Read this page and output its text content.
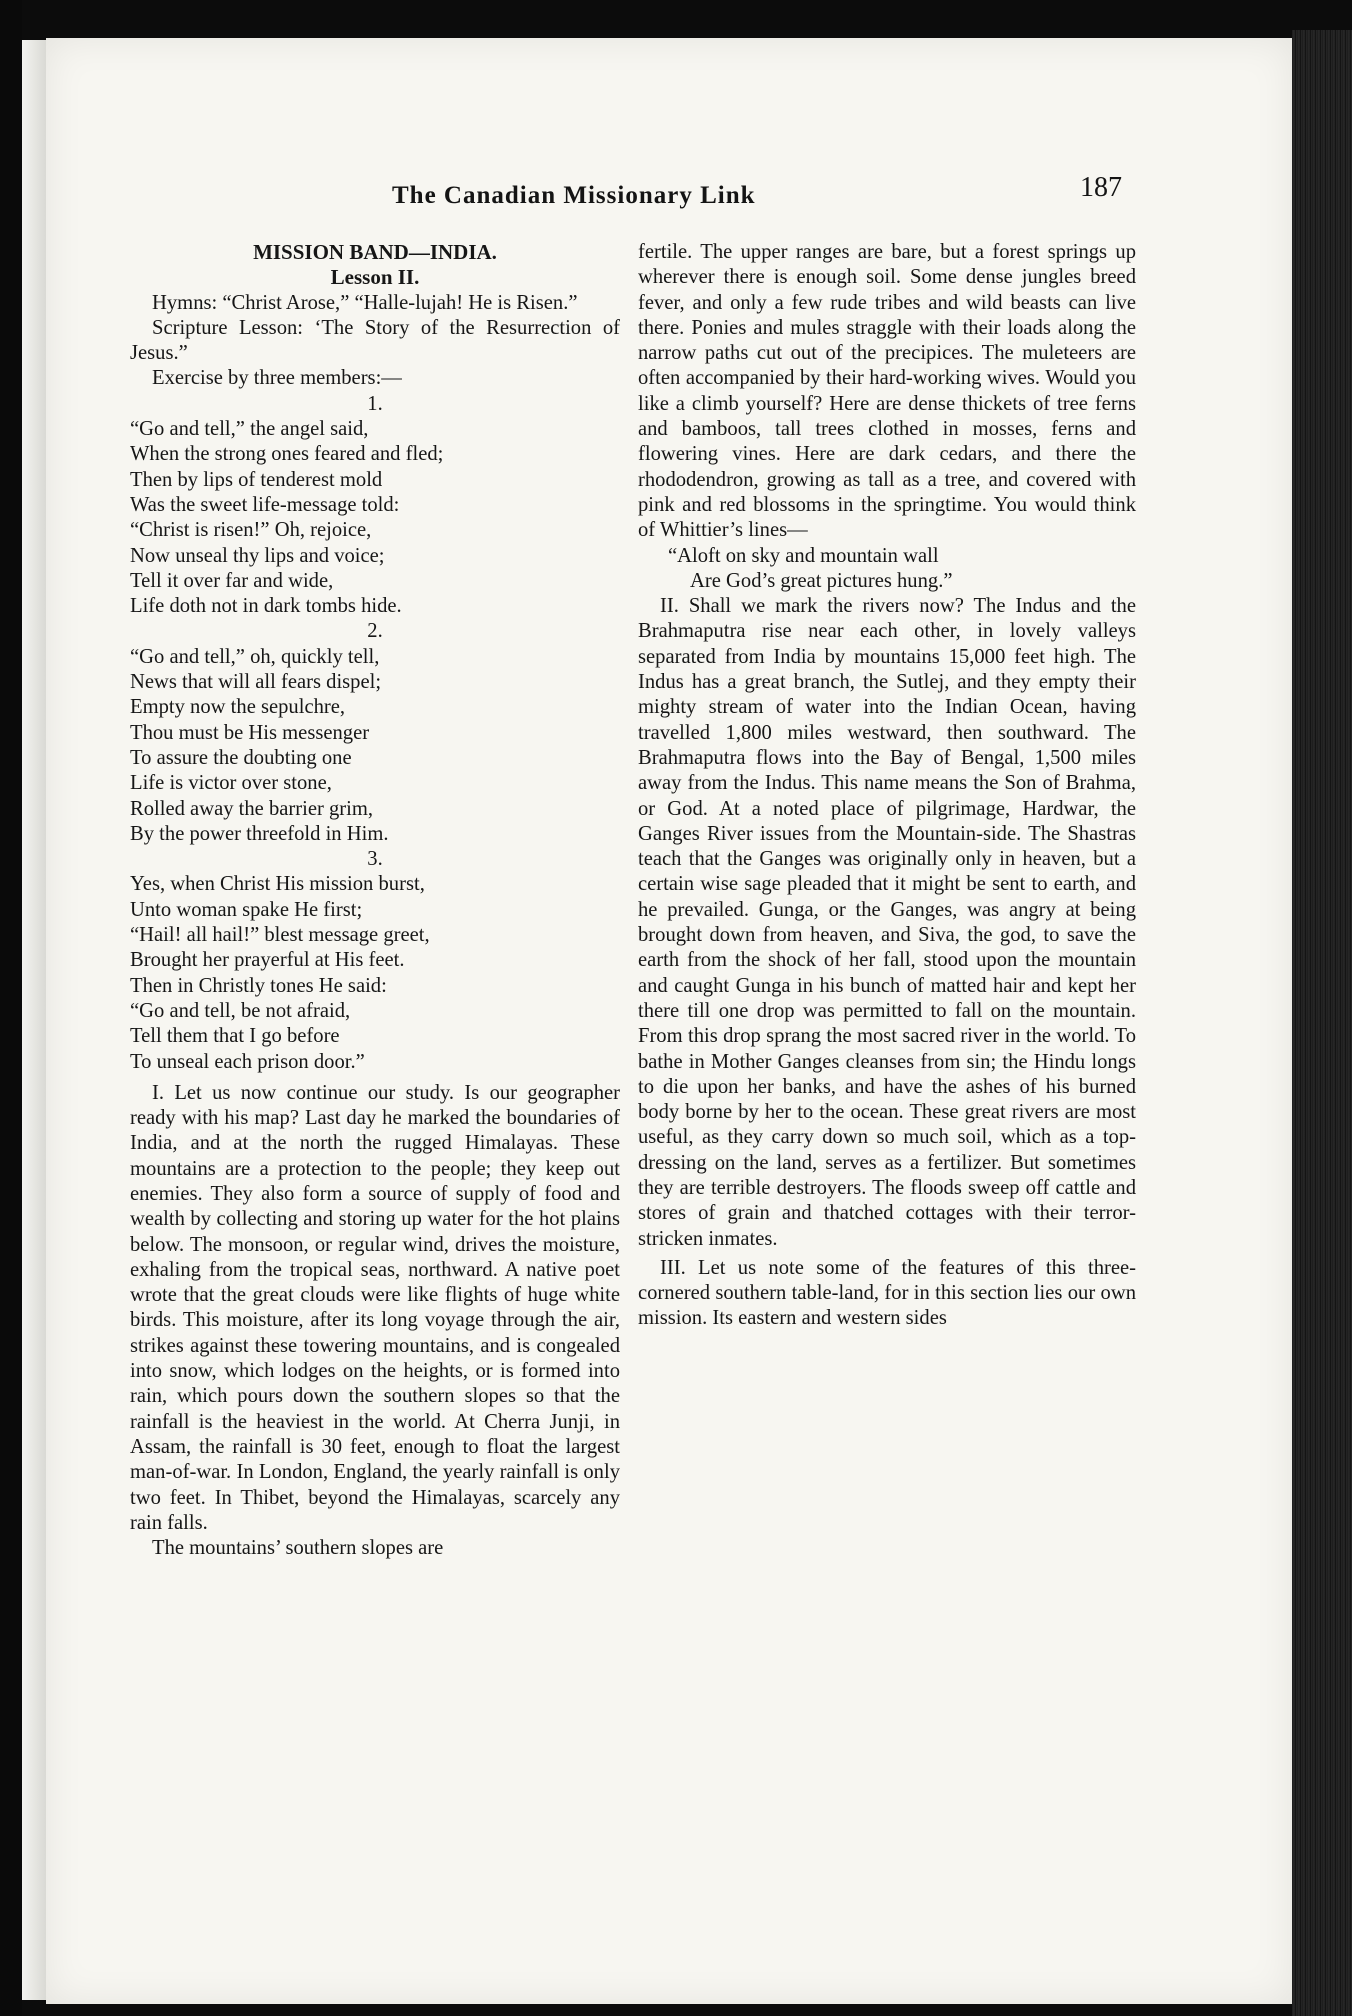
The Canadian Missionary Link	187

MISSION BAND—INDIA.

Lesson II.

Hymns: “Christ Arose,” “Halle-lujah! He is Risen.”

Scripture Lesson: ‘The Story of the Resurrection of Jesus.”

Exercise by three members:—

1.

“Go and tell,” the angel said,

When the strong ones feared and fled;

Then by lips of tenderest mold

Was the sweet life-message told:

“Christ is risen!” Oh, rejoice,

Now unseal thy lips and voice;

Tell it over far and wide,

Life doth not in dark tombs hide.

2.

“Go and tell,” oh, quickly tell,

News that will all fears dispel;

Empty now the sepulchre,

Thou must be His messenger

To assure the doubting one

Life is victor over stone,

Rolled away the barrier grim,

By the power threefold in Him.

3.

Yes, when Christ His mission burst,

Unto woman spake He first;

“Hail! all hail!” blest message greet,

Brought her prayerful at His feet.

Then in Christly tones He said:

“Go and tell, be not afraid,

Tell them that I go before

To unseal each prison door.”

I. Let us now continue our study. Is our geographer ready with his map? Last day he marked the boundaries of India, and at the north the rugged Himalayas. These mountains are a protection to the people; they keep out enemies. They also form a source of supply of food and wealth by collecting and storing up water for the hot plains below. The monsoon, or regular wind, drives the moisture, exhaling from the tropical seas, northward. A native poet wrote that the great clouds were like flights of huge white birds. This moisture, after its long voyage through the air, strikes against these towering mountains, and is congealed into snow, which lodges on the heights, or is formed into rain, which pours down the southern slopes so that the rainfall is the heaviest in the world. At Cherra Junji, in Assam, the rainfall is 30 feet, enough to float the largest man-of-war. In London, England, the yearly rainfall is only two feet. In Thibet, beyond the Himalayas, scarcely any rain falls.

The mountains’ southern slopes are

fertile. The upper ranges are bare, but a forest springs up wherever there is enough soil. Some dense jungles breed fever, and only a few rude tribes and wild beasts can live there. Ponies and mules straggle with their loads along the narrow paths cut out of the precipices. The muleteers are often accompanied by their hard-working wives. Would you like a climb yourself? Here are dense thickets of tree ferns and bamboos, tall trees clothed in mosses, ferns and flowering vines. Here are dark cedars, and there the rhododendron, growing as tall as a tree, and covered with pink and red blossoms in the springtime. You would think of Whittier’s lines—

“Aloft on sky and mountain wall

Are God’s great pictures hung.”

II. Shall we mark the rivers now? The Indus and the Brahmaputra rise near each other, in lovely valleys separated from India by mountains 15,000 feet high. The Indus has a great branch, the Sutlej, and they empty their mighty stream of water into the Indian Ocean, having travelled 1,800 miles westward, then southward. The Brahmaputra flows into the Bay of Bengal, 1,500 miles away from the Indus. This name means the Son of Brahma, or God. At a noted place of pilgrimage, Hardwar, the Ganges River issues from the Mountain-side. The Shastras teach that the Ganges was originally only in heaven, but a certain wise sage pleaded that it might be sent to earth, and he prevailed. Gunga, or the Ganges, was angry at being brought down from heaven, and Siva, the god, to save the earth from the shock of her fall, stood upon the mountain and caught Gunga in his bunch of matted hair and kept her there till one drop was permitted to fall on the mountain. From this drop sprang the most sacred river in the world. To bathe in Mother Ganges cleanses from sin; the Hindu longs to die upon her banks, and have the ashes of his burned body borne by her to the ocean. These great rivers are most useful, as they carry down so much soil, which as a top-dressing on the land, serves as a fertilizer. But sometimes they are terrible destroyers. The floods sweep off cattle and stores of grain and thatched cottages with their terror-stricken inmates.

III. Let us note some of the features of this three-cornered southern table-land, for in this section lies our own mission. Its eastern and western sides
